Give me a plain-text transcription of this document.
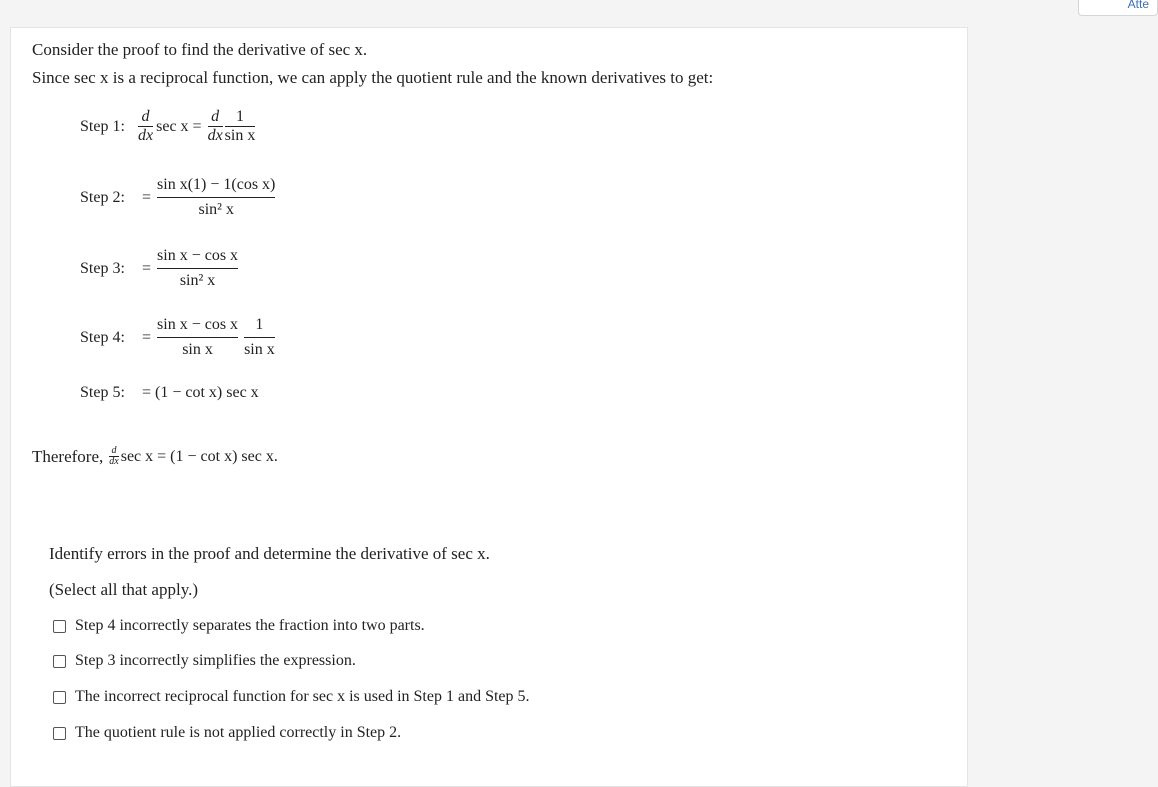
Atte
Consider the proof to find the derivative of sec x.
Since sec x is a reciprocal function, we can apply the quotient rule and the known derivatives to get:
Step 1: $\frac{d}{dx}$ $\sec x = \frac{d}{dx} \frac{1}{\text{sin x}}$
Step 2:	= $\frac{\text{sin x(1) − 1(cos x)}}{\text{sin² x}}$
Step 3:	= $\frac{\text{sin x − cos x}}{\text{sin² x}}$
Step 4:	= $\frac{\text{sin x − cos x}}{\text{sin x}} \frac{1}{\text{sin x}}$
Step 5:	= (1 − cot x) sec x
Therefore, $\frac{d}{dx}$ sec x = (1 − cot x) sec x.
Identify errors in the proof and determine the derivative of sec x.
(Select all that apply.)
Step 4 incorrectly separates the fraction into two parts.
Step 3 incorrectly simplifies the expression.
The incorrect reciprocal function for sec x is used in Step 1 and Step 5.
The quotient rule is not applied correctly in Step 2.
